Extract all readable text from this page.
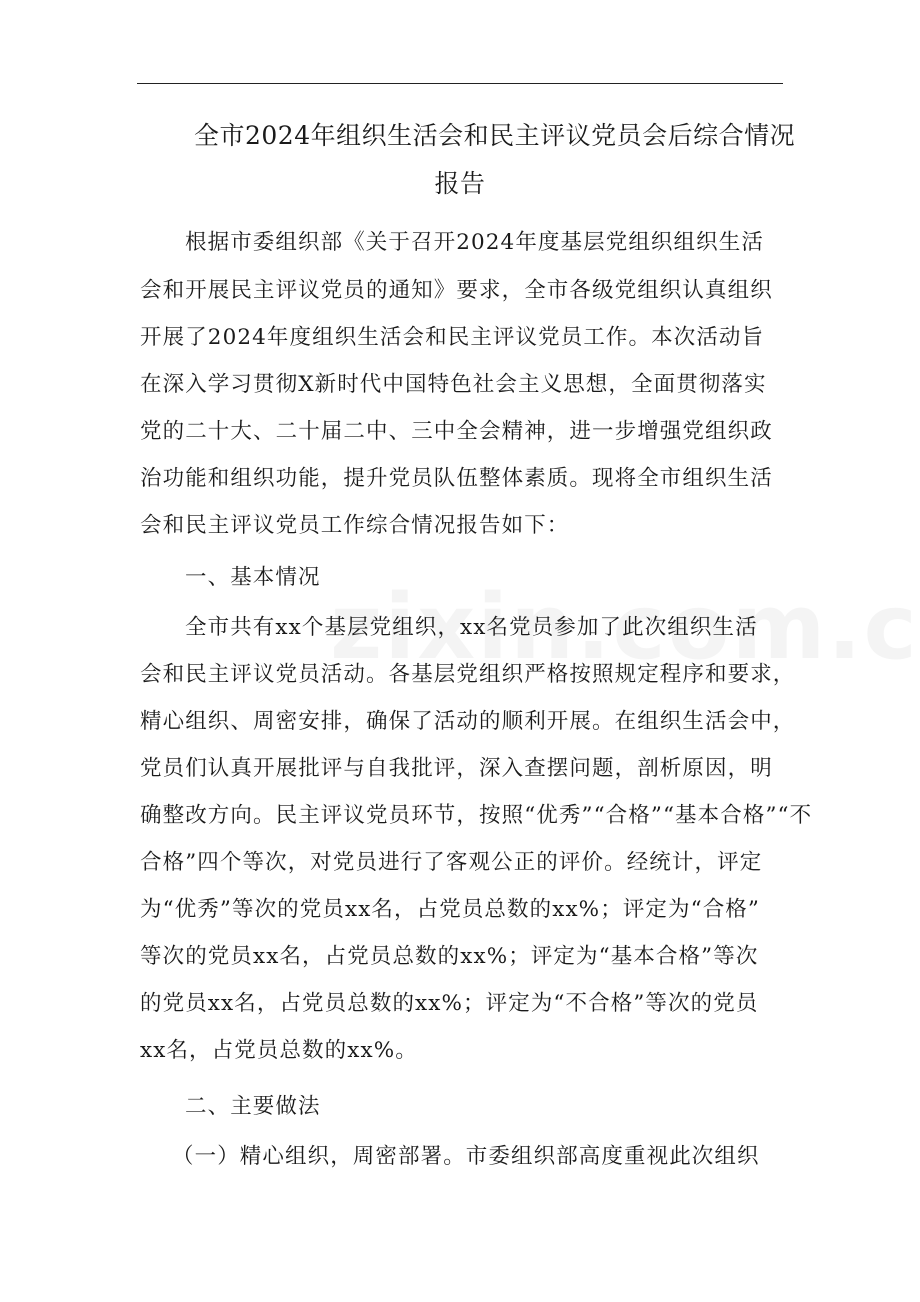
全市2024年组织生活会和民主评议党员会后综合情况
报告
根据市委组织部《关于召开2024年度基层党组织组织生活
会和开展民主评议党员的通知》要求，全市各级党组织认真组织
开展了2024年度组织生活会和民主评议党员工作。本次活动旨
在深入学习贯彻X新时代中国特色社会主义思想，全面贯彻落实
党的二十大、二十届二中、三中全会精神，进一步增强党组织政
治功能和组织功能，提升党员队伍整体素质。现将全市组织生活
会和民主评议党员工作综合情况报告如下：
一、基本情况
全市共有xx个基层党组织，xx名党员参加了此次组织生活
会和民主评议党员活动。各基层党组织严格按照规定程序和要求，
精心组织、周密安排，确保了活动的顺利开展。在组织生活会中，
党员们认真开展批评与自我批评，深入查摆问题，剖析原因，明
确整改方向。民主评议党员环节，按照“优秀”“合格”“基本合格”“不
合格”四个等次，对党员进行了客观公正的评价。经统计，评定
为“优秀”等次的党员xx名，占党员总数的xx%；评定为“合格”
等次的党员xx名，占党员总数的xx%；评定为“基本合格”等次
的党员xx名，占党员总数的xx%；评定为“不合格”等次的党员
xx名，占党员总数的xx%。
二、主要做法
（一）精心组织，周密部署。市委组织部高度重视此次组织
